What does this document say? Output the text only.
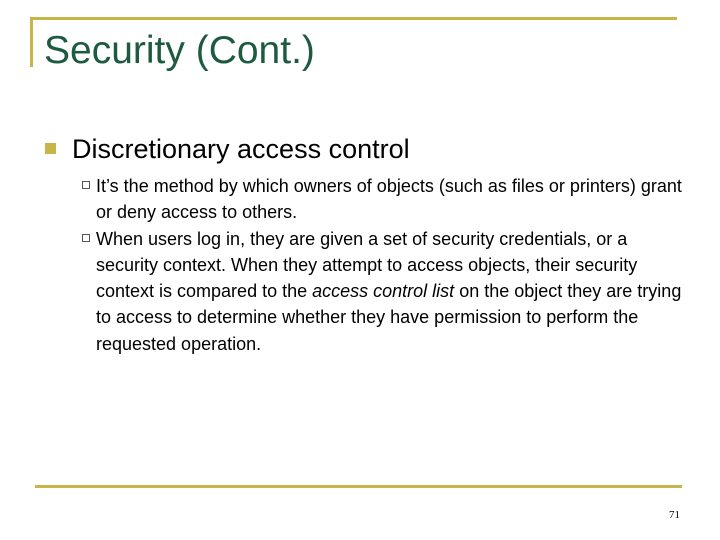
Security (Cont.)
Discretionary access control
It’s the method by which owners of objects (such as files or printers) grant or deny access to others.
When users log in, they are given a set of security credentials, or a security context. When they attempt to access objects, their security context is compared to the access control list on the object they are trying to access to determine whether they have permission to perform the requested operation.
71
